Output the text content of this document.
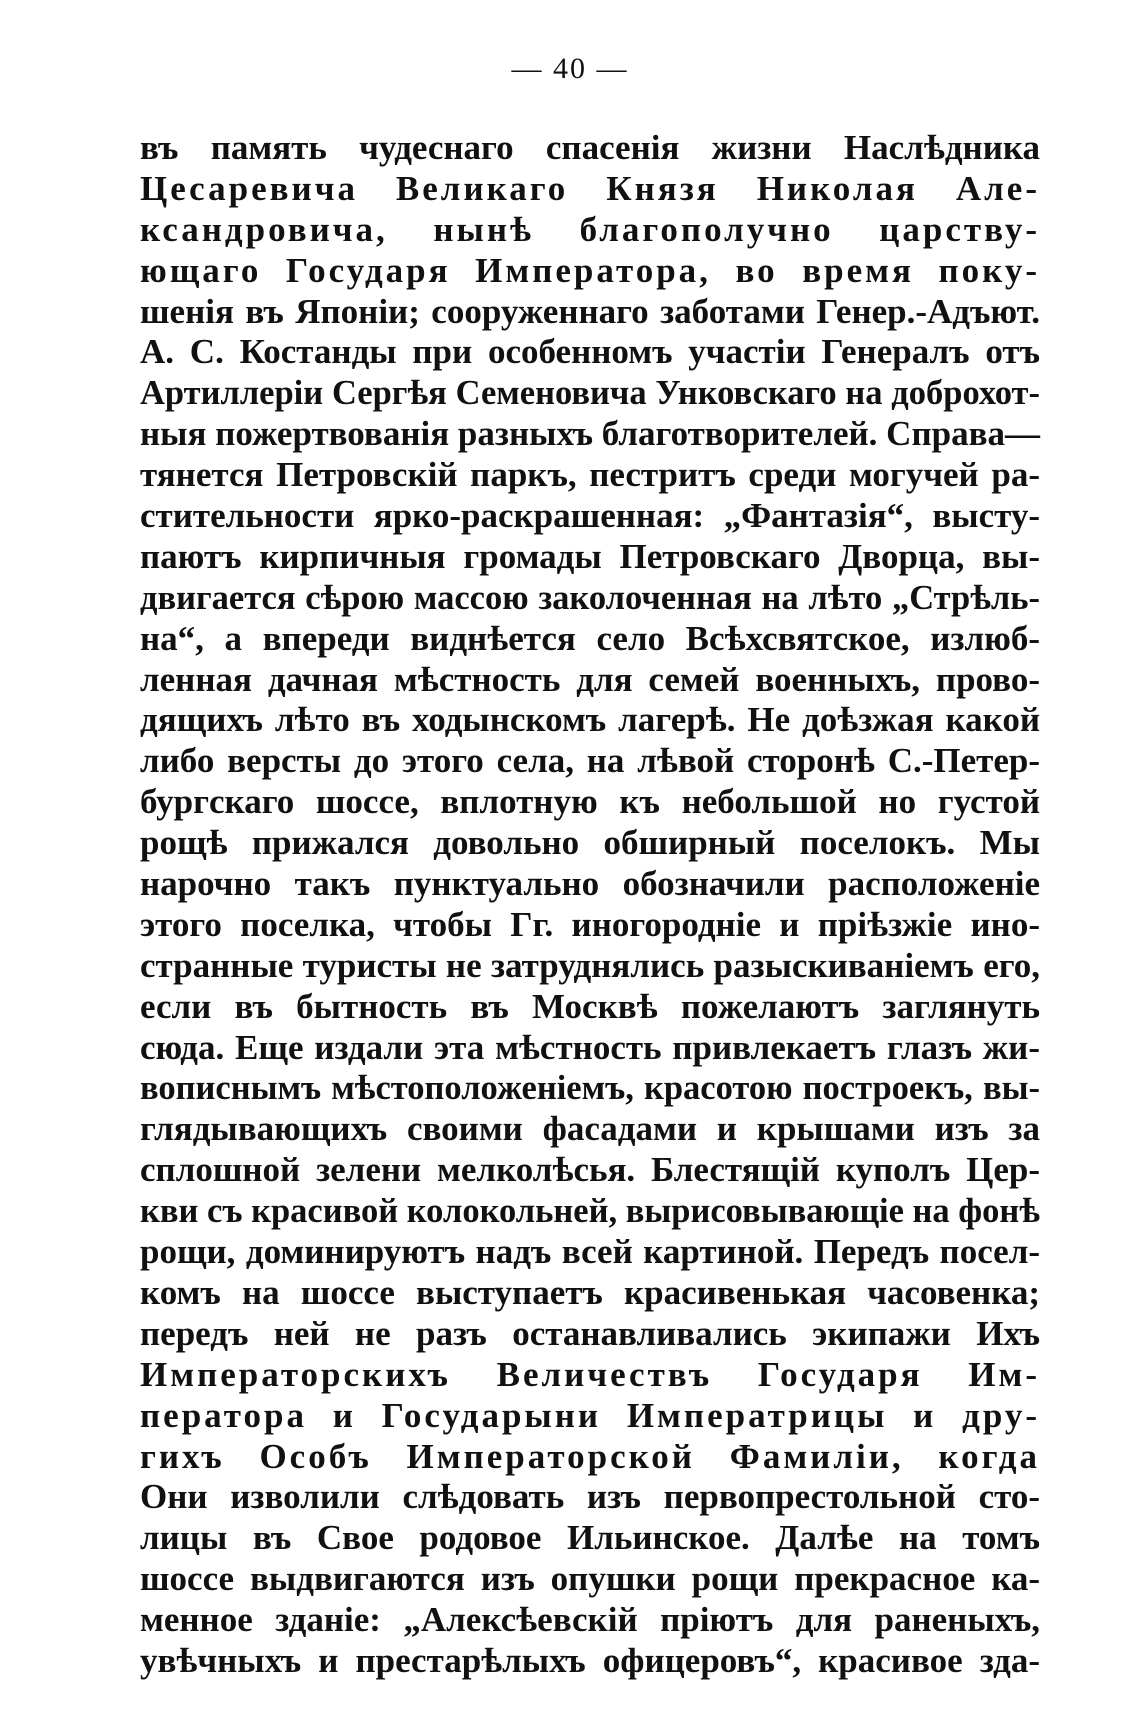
— 40 —
въ память чудеснаго спасенія жизни Наслѣдника
Цесаревича Великаго Князя Николая Але-
ксандровича, нынѣ благополучно царству-
ющаго Государя Императора, во время поку-
шенія въ Японіи; сооруженнаго заботами Генер.-Адъют.
А. С. Костанды при особенномъ участіи Генералъ отъ
Артиллеріи Сергѣя Семеновича Унковскаго на доброхот-
ныя пожертвованія разныхъ благотворителей. Справа—
тянется Петровскій паркъ, пестритъ среди могучей ра-
стительности ярко-раскрашенная: „Фантазія“, высту-
паютъ кирпичныя громады Петровскаго Дворца, вы-
двигается сѣрою массою заколоченная на лѣто „Стрѣль-
на“, а впереди виднѣется село Всѣхсвятское, излюб-
ленная дачная мѣстность для семей военныхъ, прово-
дящихъ лѣто въ ходынскомъ лагерѣ. Не доѣзжая какой
либо версты до этого села, на лѣвой сторонѣ С.-Петер-
бургскаго шоссе, вплотную къ небольшой но густой
рощѣ прижался довольно обширный поселокъ. Мы
нарочно такъ пунктуально обозначили расположеніе
этого поселка, чтобы Гг. иногородніе и пріѣзжіе ино-
странные туристы не затруднялись разыскиваніемъ его,
если въ бытность въ Москвѣ пожелаютъ заглянуть
сюда. Еще издали эта мѣстность привлекаетъ глазъ жи-
вописнымъ мѣстоположеніемъ, красотою построекъ, вы-
глядывающихъ своими фасадами и крышами изъ за
сплошной зелени мелколѣсья. Блестящій куполъ Цер-
кви съ красивой колокольней, вырисовывающіе на фонѣ
рощи, доминируютъ надъ всей картиной. Передъ посел-
комъ на шоссе выступаетъ красивенькая часовенка;
передъ ней не разъ останавливались экипажи Ихъ
Императорскихъ Величествъ Государя Им-
ператора и Государыни Императрицы и дру-
гихъ Особъ Императорской Фамиліи, когда
Они изволили слѣдовать изъ первопрестольной сто-
лицы въ Свое родовое Ильинское. Далѣе на томъ
шоссе выдвигаются изъ опушки рощи прекрасное ка-
менное зданіе: „Алексѣевскій пріютъ для раненыхъ,
увѣчныхъ и престарѣлыхъ офицеровъ“, красивое зда-
